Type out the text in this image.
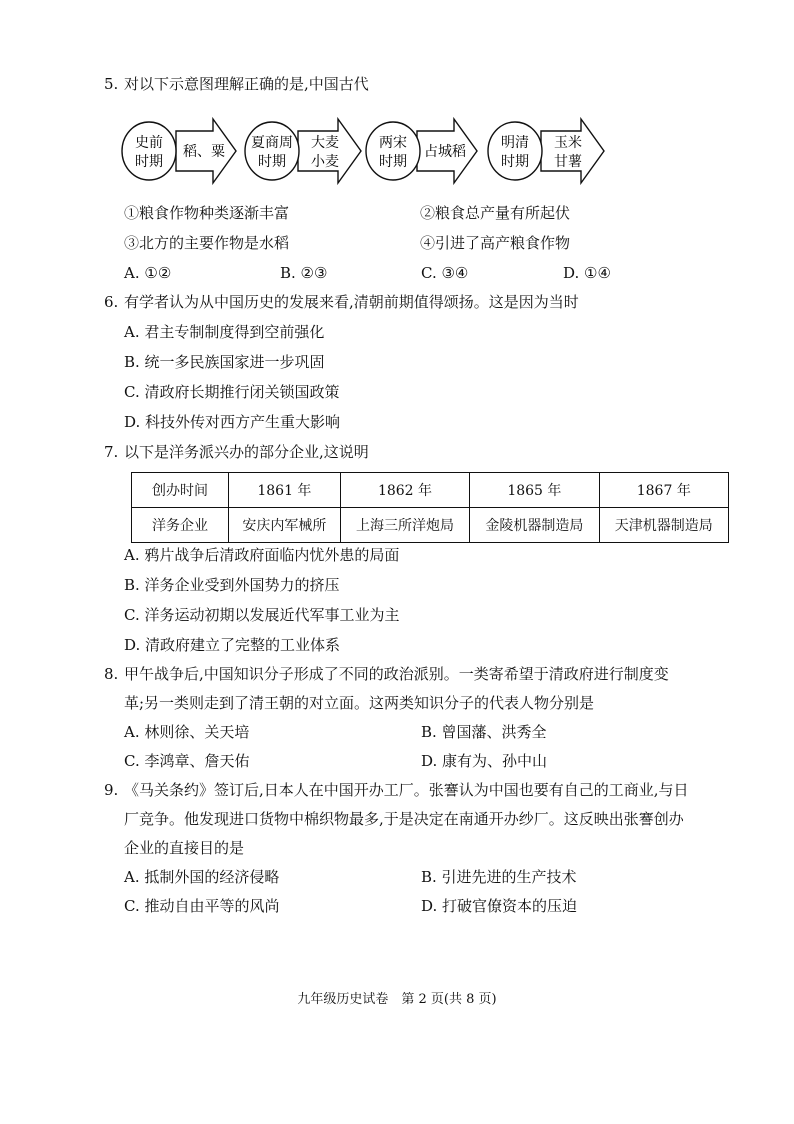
5. 对以下示意图理解正确的是,中国古代
史前
时期
稻、粟
夏商周
时期
大麦
小麦
两宋
时期
占城稻
明清
时期
玉米
甘薯
①粮食作物种类逐渐丰富	②粮食总产量有所起伏
③北方的主要作物是水稻	④引进了高产粮食作物
A. ①②	B. ②③	C. ③④	D. ①④
6. 有学者认为从中国历史的发展来看,清朝前期值得颂扬。这是因为当时
A. 君主专制制度得到空前强化
B. 统一多民族国家进一步巩固
C. 清政府长期推行闭关锁国政策
D. 科技外传对西方产生重大影响
7. 以下是洋务派兴办的部分企业,这说明
创办时间	1861 年	1862 年	1865 年	1867 年
洋务企业	安庆内军械所	上海三所洋炮局	金陵机器制造局	天津机器制造局
A. 鸦片战争后清政府面临内忧外患的局面
B. 洋务企业受到外国势力的挤压
C. 洋务运动初期以发展近代军事工业为主
D. 清政府建立了完整的工业体系
8. 甲午战争后,中国知识分子形成了不同的政治派别。一类寄希望于清政府进行制度变
革;另一类则走到了清王朝的对立面。这两类知识分子的代表人物分别是
A. 林则徐、关天培	B. 曾国藩、洪秀全
C. 李鸿章、詹天佑	D. 康有为、孙中山
9. 《马关条约》签订后,日本人在中国开办工厂。张謇认为中国也要有自己的工商业,与日
厂竞争。他发现进口货物中棉织物最多,于是决定在南通开办纱厂。这反映出张謇创办
企业的直接目的是
A. 抵制外国的经济侵略	B. 引进先进的生产技术
C. 推动自由平等的风尚	D. 打破官僚资本的压迫
九年级历史试卷　第 2 页(共 8 页)
